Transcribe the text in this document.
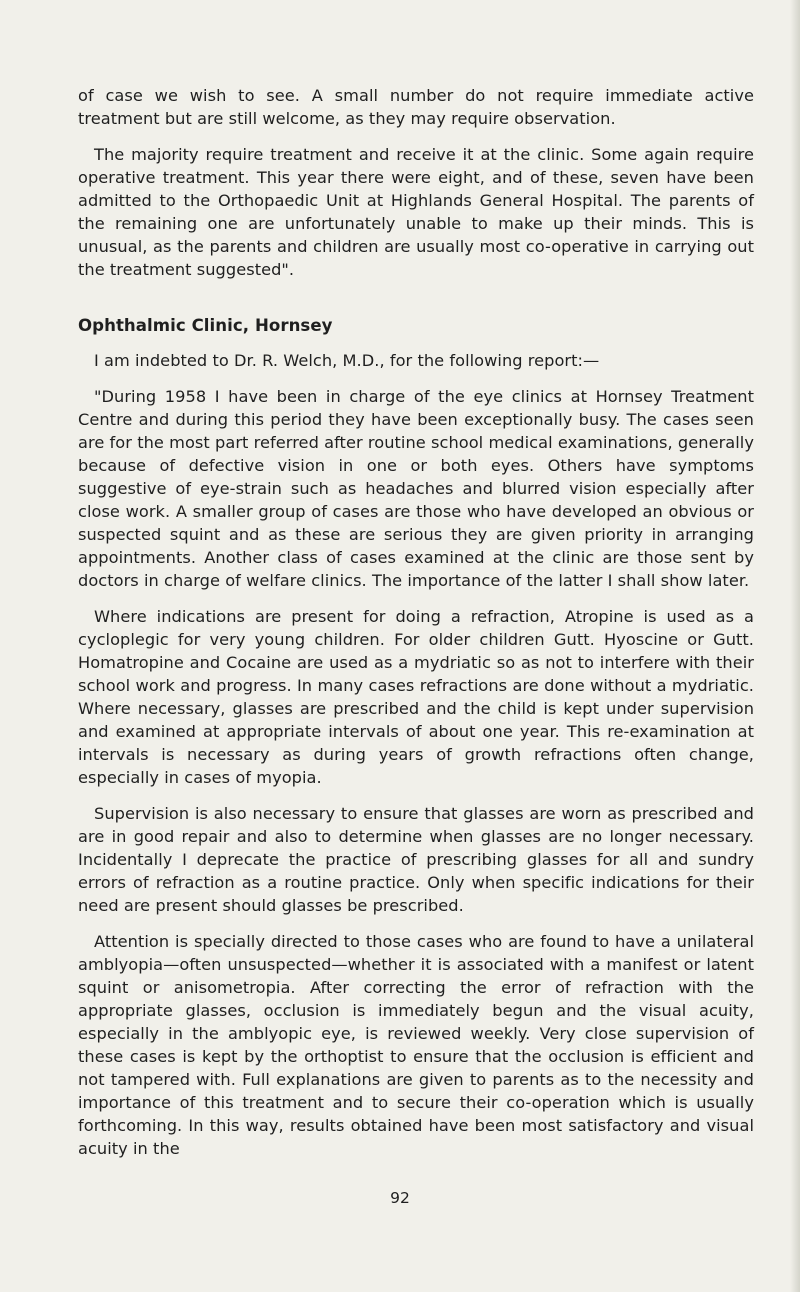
of case we wish to see. A small number do not require immediate active treatment but are still welcome, as they may require observation.

The majority require treatment and receive it at the clinic. Some again require operative treatment. This year there were eight, and of these, seven have been admitted to the Orthopaedic Unit at Highlands General Hospital. The parents of the remaining one are unfortunately unable to make up their minds. This is unusual, as the parents and children are usually most co-operative in carrying out the treatment suggested".

Ophthalmic Clinic, Hornsey

I am indebted to Dr. R. Welch, M.D., for the following report:—

"During 1958 I have been in charge of the eye clinics at Hornsey Treatment Centre and during this period they have been exceptionally busy. The cases seen are for the most part referred after routine school medical examinations, generally because of defective vision in one or both eyes. Others have symptoms suggestive of eye-strain such as headaches and blurred vision especially after close work. A smaller group of cases are those who have developed an obvious or suspected squint and as these are serious they are given priority in arranging appointments. Another class of cases examined at the clinic are those sent by doctors in charge of welfare clinics. The importance of the latter I shall show later.

Where indications are present for doing a refraction, Atropine is used as a cycloplegic for very young children. For older children Gutt. Hyoscine or Gutt. Homatropine and Cocaine are used as a mydriatic so as not to interfere with their school work and progress. In many cases refractions are done without a mydriatic. Where necessary, glasses are prescribed and the child is kept under supervision and examined at appropriate intervals of about one year. This re-examination at intervals is necessary as during years of growth refractions often change, especially in cases of myopia.

Supervision is also necessary to ensure that glasses are worn as prescribed and are in good repair and also to determine when glasses are no longer necessary. Incidentally I deprecate the practice of prescribing glasses for all and sundry errors of refraction as a routine practice. Only when specific indications for their need are present should glasses be prescribed.

Attention is specially directed to those cases who are found to have a unilateral amblyopia—often unsuspected—whether it is associated with a manifest or latent squint or anisometropia. After correcting the error of refraction with the appropriate glasses, occlusion is immediately begun and the visual acuity, especially in the amblyopic eye, is reviewed weekly. Very close supervision of these cases is kept by the orthoptist to ensure that the occlusion is efficient and not tampered with. Full explanations are given to parents as to the necessity and importance of this treatment and to secure their co-operation which is usually forthcoming. In this way, results obtained have been most satisfactory and visual acuity in the

92
